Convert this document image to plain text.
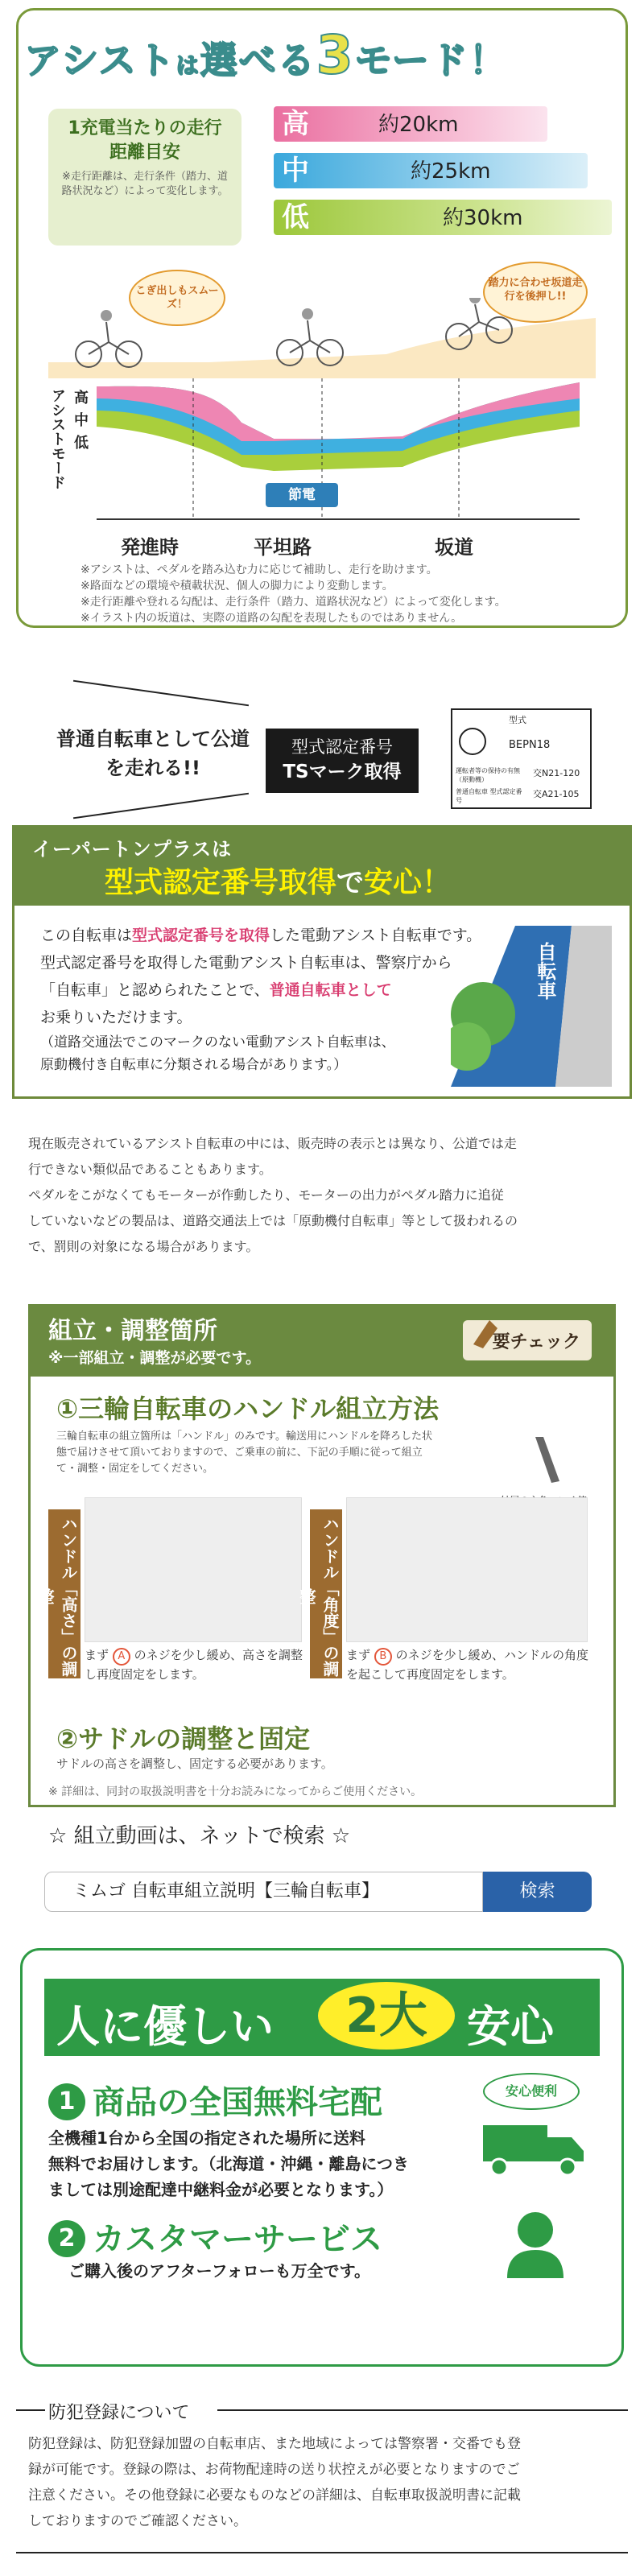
アシストは選べる3モード！
1充電当たりの走行距離目安
※走行距離は、走行条件（踏力、道路状況など）によって変化します。
高	約20km
中	約25km
低	約30km
こぎ出しもスムーズ！
踏力に合わせ坂道走行を後押し!!
アシストモード 高
中
低
節電
発進時	平坦路	坂道
※アシストは、ペダルを踏み込む力に応じて補助し、走行を助けます。
※路面などの環境や積載状況、個人の脚力により変動します。
※走行距離や登れる勾配は、走行条件（踏力、道路状況など）によって変化します。
※イラスト内の坂道は、実際の道路の勾配を表現したものではありません。
普通自転車として公道を走れる!!
型式認定番号
TSマーク取得
型式
BEPN18
運転者等の保持の有無（原動機）
交N21-120
普通自転車 型式認定番号
交A21-105
イーパートンプラスは
型式認定番号取得で安心！
この自転車は型式認定番号を取得した電動アシスト自転車です。
型式認定番号を取得した電動アシスト自転車は、警察庁から
「自転車」と認められたことで、普通自転車として
お乗りいただけます。
（道路交通法でこのマークのない電動アシスト自転車は、
原動機付き自転車に分類される場合があります。）
自転車
現在販売されているアシスト自転車の中には、販売時の表示とは異なり、公道では走
行できない類似品であることもあります。
ペダルをこがなくてもモーターが作動したり、モーターの出力がペダル踏力に追従
していないなどの製品は、道路交通法上では「原動機付自転車」等として扱われるの
で、罰則の対象になる場合があります。
組立・調整箇所
※一部組立・調整が必要です。
要チェック
①三輪自転車のハンドル組立方法
三輪自転車の組立箇所は「ハンドル」のみです。輸送用にハンドルを降ろした状態で届けさせて頂いておりますので、ご乗車の前に、下記の手順に従って組立て・調整・固定をしてください。
ハンドル「高さ」の調整	ハンドル「角度」の調整
まず A のネジを少し緩め、高さを調整し再度固定をします。
まず B のネジを少し緩め、ハンドルの角度を起こして再度固定をします。
②サドルの調整と固定
サドルの高さを調整し、固定する必要があります。
※ 詳細は、同封の取扱説明書を十分お読みになってからご使用ください。
☆ 組立動画は、ネットで検索 ☆
ミムゴ 自転車組立説明【三輪自転車】	検索
人に優しい	2大 安心
1 商品の全国無料宅配	安心便利
全機種1台から全国の指定された場所に送料
無料でお届けします。（北海道・沖縄・離島につき
ましては別途配達中継料金が必要となります。）
2 カスタマーサービス
ご購入後のアフターフォローも万全です。
防犯登録について
防犯登録は、防犯登録加盟の自転車店、また地域によっては警察署・交番でも登
録が可能です。登録の際は、お荷物配達時の送り状控えが必要となりますのでご
注意ください。その他登録に必要なものなどの詳細は、自転車取扱説明書に記載
しておりますのでご確認ください。
